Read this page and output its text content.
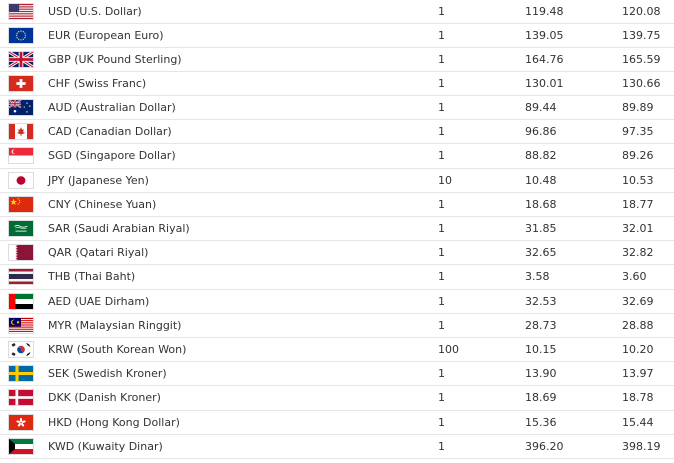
USD (U.S. Dollar)	1	119.48	120.08
EUR (European Euro)	1	139.05	139.75
GBP (UK Pound Sterling)	1	164.76	165.59
CHF (Swiss Franc)	1	130.01	130.66
AUD (Australian Dollar)	1	89.44	89.89
CAD (Canadian Dollar)	1	96.86	97.35
SGD (Singapore Dollar)	1	88.82	89.26
JPY (Japanese Yen)	10	10.48	10.53
CNY (Chinese Yuan)	1	18.68	18.77
SAR (Saudi Arabian Riyal)	1	31.85	32.01
QAR (Qatari Riyal)	1	32.65	32.82
THB (Thai Baht)	1	3.58	3.60
AED (UAE Dirham)	1	32.53	32.69
MYR (Malaysian Ringgit)	1	28.73	28.88
KRW (South Korean Won)	100	10.15	10.20
SEK (Swedish Kroner)	1	13.90	13.97
DKK (Danish Kroner)	1	18.69	18.78
HKD (Hong Kong Dollar)	1	15.36	15.44
KWD (Kuwaity Dinar)	1	396.20	398.19
